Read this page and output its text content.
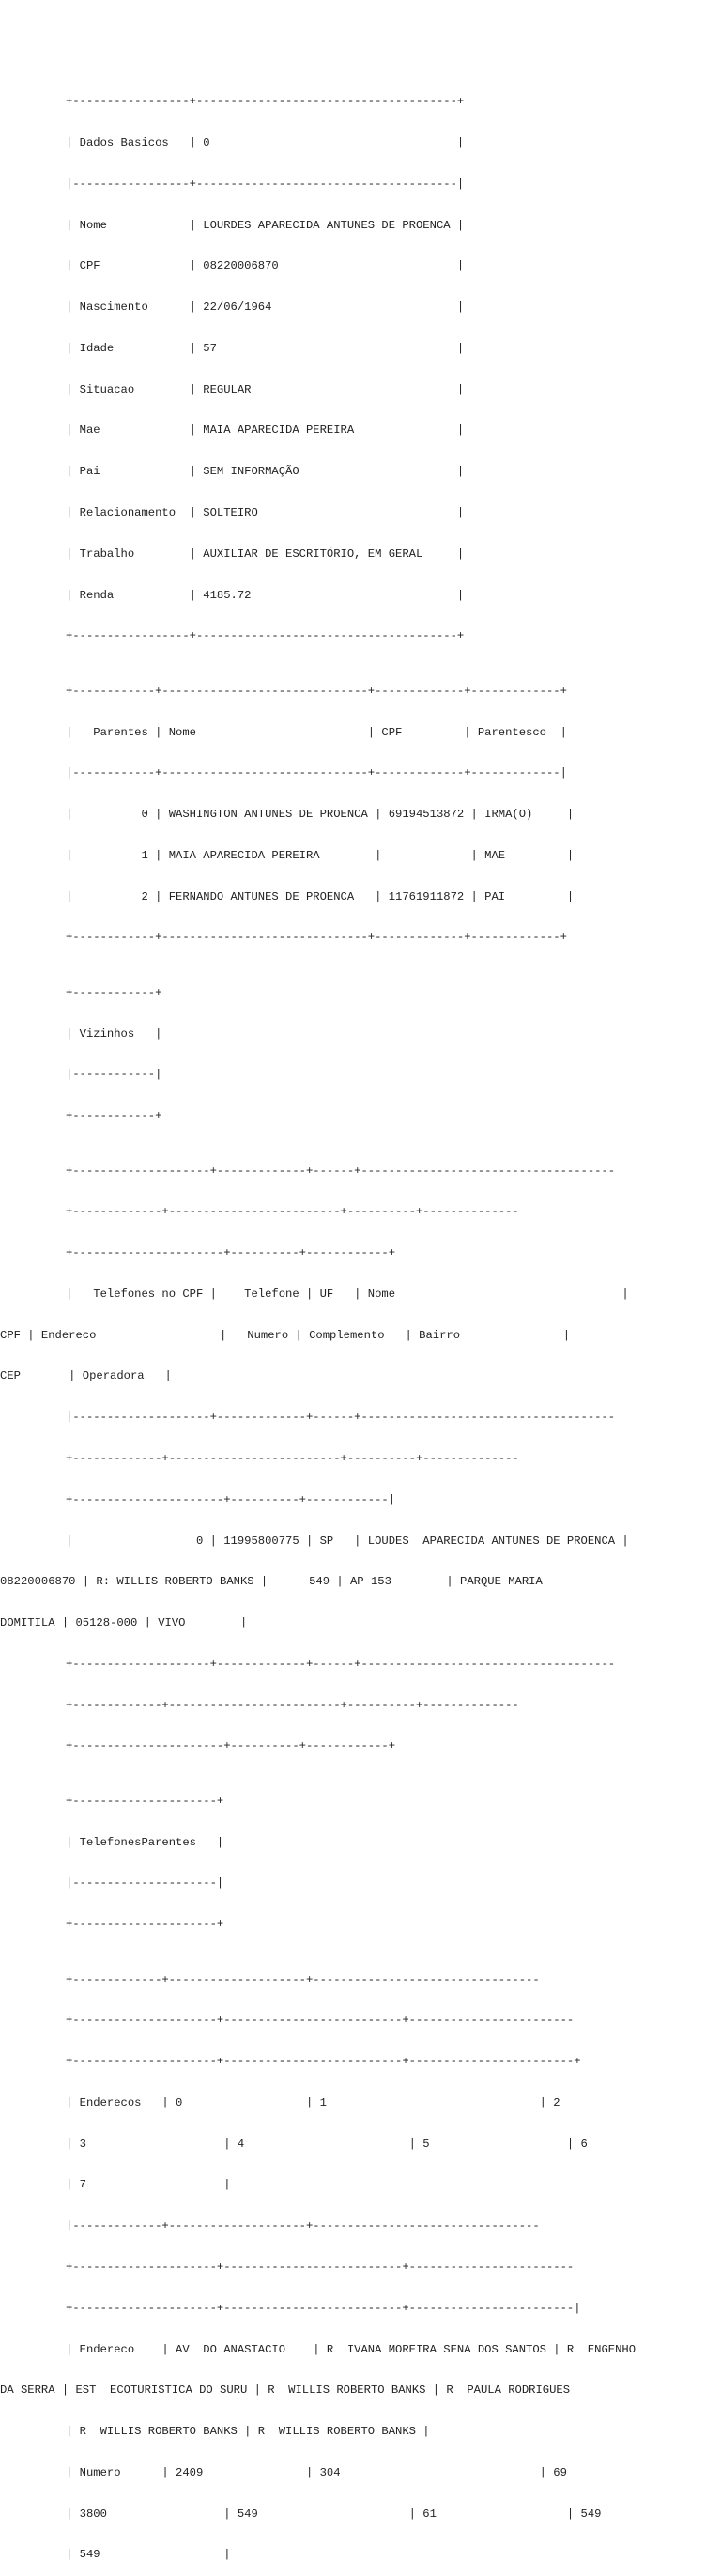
+-----------------+--------------------------------------+

| Dados Basicos   | 0                                    |

|-----------------+--------------------------------------|

| Nome            | LOURDES APARECIDA ANTUNES DE PROENCA |

| CPF             | 08220006870                          |

| Nascimento      | 22/06/1964                           |

| Idade           | 57                                   |

| Situacao        | REGULAR                              |

| Mae             | MAIA APARECIDA PEREIRA               |

| Pai             | SEM INFORMAÇÃO                       |

| Relacionamento  | SOLTEIRO                             |

| Trabalho        | AUXILIAR DE ESCRITÓRIO, EM GERAL     |

| Renda           | 4185.72                              |

+-----------------+--------------------------------------+

+------------+------------------------------+-------------+-------------+

|   Parentes | Nome                         | CPF         | Parentesco  |

|------------+------------------------------+-------------+-------------|

|          0 | WASHINGTON ANTUNES DE PROENCA | 69194513872 | IRMA(O)     |

|          1 | MAIA APARECIDA PEREIRA        |             | MAE         |

|          2 | FERNANDO ANTUNES DE PROENCA   | 11761911872 | PAI         |

+------------+------------------------------+-------------+-------------+

+------------+

| Vizinhos   |

|------------|

+------------+

+--------------------+-------------+------+-------------------------------------

+-------------+-------------------------+----------+--------------

+----------------------+----------+------------+

|   Telefones no CPF |    Telefone | UF   | Nome                                 |

CPF | Endereco                  |   Numero | Complemento   | Bairro               |

CEP       | Operadora   |

|--------------------+-------------+------+-------------------------------------

+-------------+-------------------------+----------+--------------

+----------------------+----------+------------|

|                  0 | 11995800775 | SP   | LOUDES  APARECIDA ANTUNES DE PROENCA |

08220006870 | R: WILLIS ROBERTO BANKS |      549 | AP 153        | PARQUE MARIA

DOMITILA | 05128-000 | VIVO        |

+--------------------+-------------+------+-------------------------------------

+-------------+-------------------------+----------+--------------

+----------------------+----------+------------+

+---------------------+

| TelefonesParentes   |

|---------------------|

+---------------------+

+-------------+--------------------+---------------------------------

+---------------------+--------------------------+------------------------

+---------------------+--------------------------+------------------------+

| Enderecos   | 0                  | 1                               | 2

| 3                    | 4                        | 5                    | 6

| 7                    |

|-------------+--------------------+---------------------------------

+---------------------+--------------------------+------------------------

+---------------------+--------------------------+------------------------|

| Endereco    | AV  DO ANASTACIO    | R  IVANA MOREIRA SENA DOS SANTOS | R  ENGENHO

DA SERRA | EST  ECOTURISTICA DO SURU | R  WILLIS ROBERTO BANKS | R  PAULA RODRIGUES

| R  WILLIS ROBERTO BANKS | R  WILLIS ROBERTO BANKS |

| Numero      | 2409               | 304                             | 69

| 3800                 | 549                      | 61                   | 549

| 549                  |
